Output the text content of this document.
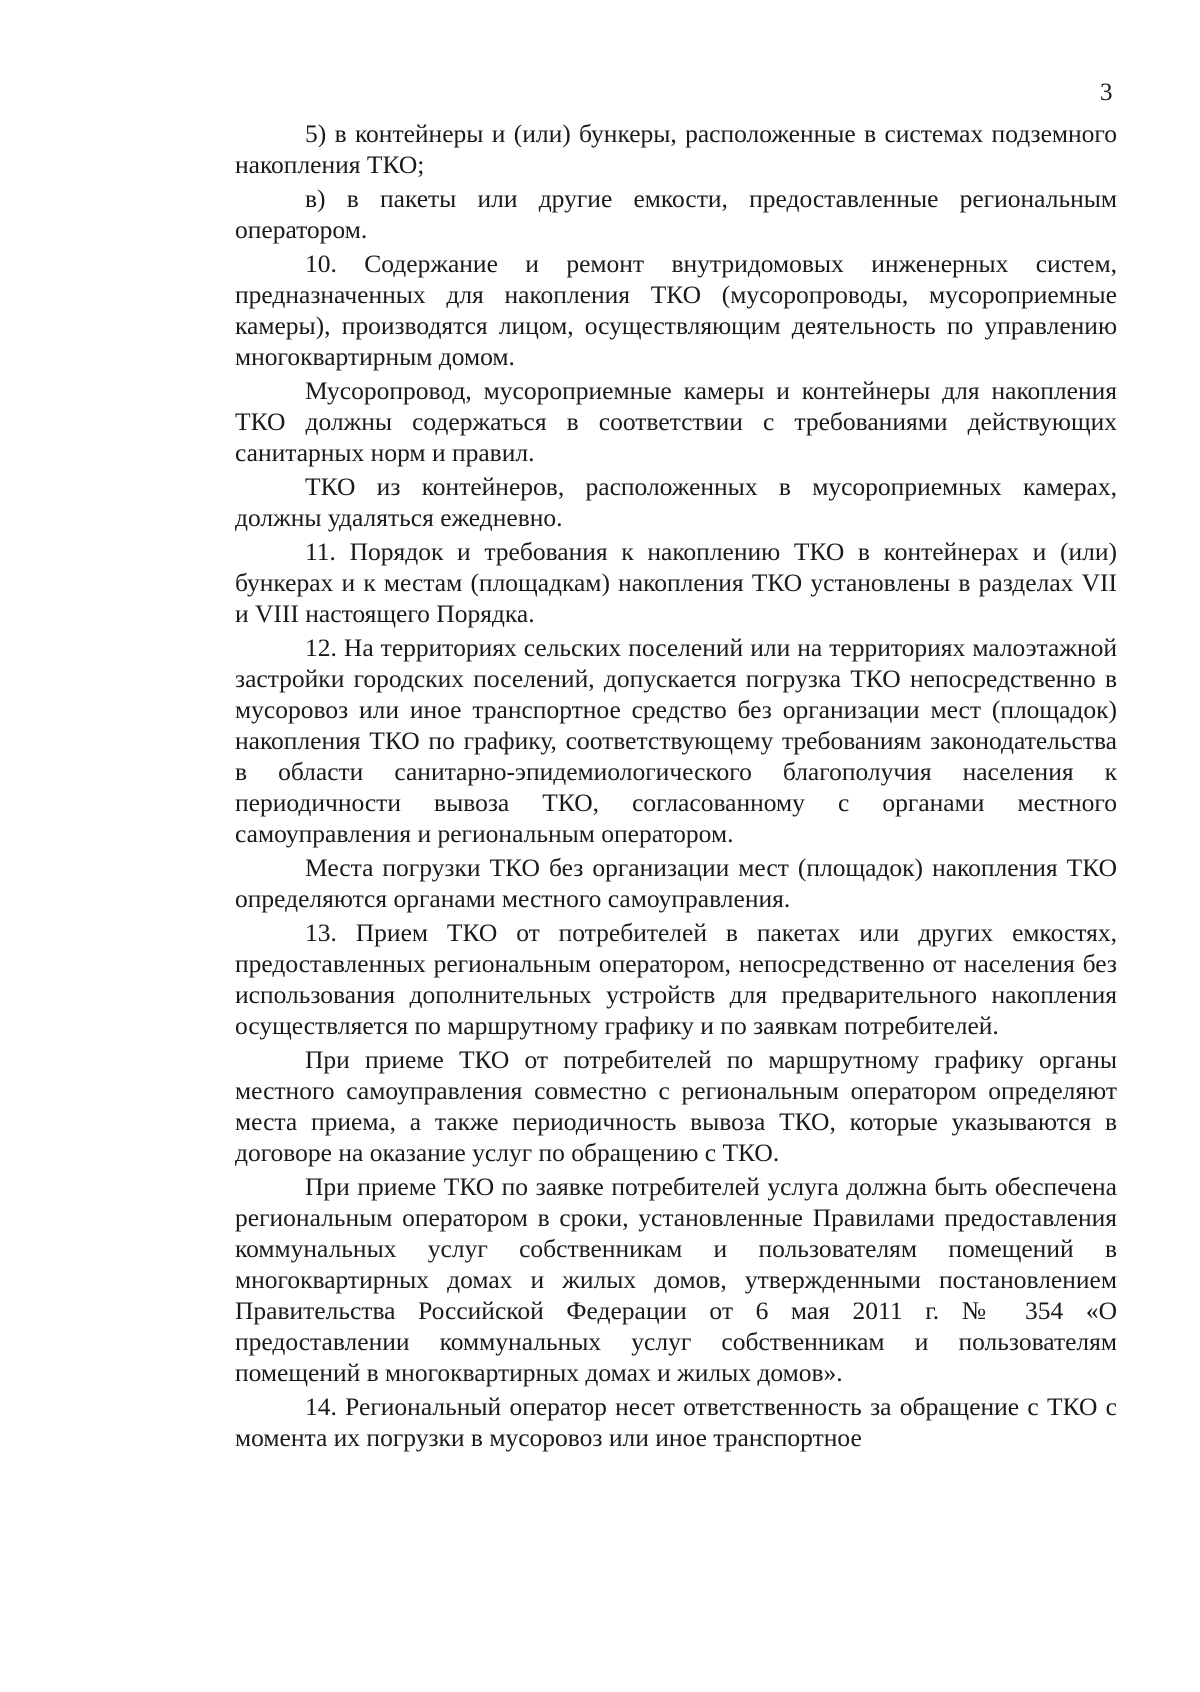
3

5) в контейнеры и (или) бункеры, расположенные в системах подземного накопления ТКО;

в) в пакеты или другие емкости, предоставленные региональным оператором.

10. Содержание и ремонт внутридомовых инженерных систем, предназначенных для накопления ТКО (мусоропроводы, мусороприемные камеры), производятся лицом, осуществляющим деятельность по управлению многоквартирным домом.

Мусоропровод, мусороприемные камеры и контейнеры для накопления ТКО должны содержаться в соответствии с требованиями действующих санитарных норм и правил.

ТКО из контейнеров, расположенных в мусороприемных камерах, должны удаляться ежедневно.

11. Порядок и требования к накоплению ТКО в контейнерах и (или) бункерах и к местам (площадкам) накопления ТКО установлены в разделах VII и VIII настоящего Порядка.

12. На территориях сельских поселений или на территориях малоэтажной застройки городских поселений, допускается погрузка ТКО непосредственно в мусоровоз или иное транспортное средство без организации мест (площадок) накопления ТКО по графику, соответствующему требованиям законодательства в области санитарно-эпидемиологического благополучия населения к периодичности вывоза ТКО, согласованному с органами местного самоуправления и региональным оператором.

Места погрузки ТКО без организации мест (площадок) накопления ТКО определяются органами местного самоуправления.

13. Прием ТКО от потребителей в пакетах или других емкостях, предоставленных региональным оператором, непосредственно от населения без использования дополнительных устройств для предварительного накопления осуществляется по маршрутному графику и по заявкам потребителей.

При приеме ТКО от потребителей по маршрутному графику органы местного самоуправления совместно с региональным оператором определяют места приема, а также периодичность вывоза ТКО, которые указываются в договоре на оказание услуг по обращению с ТКО.

При приеме ТКО по заявке потребителей услуга должна быть обеспечена региональным оператором в сроки, установленные Правилами предоставления коммунальных услуг собственникам и пользователям помещений в многоквартирных домах и жилых домов, утвержденными постановлением Правительства Российской Федерации от 6 мая 2011 г. № 354 «О предоставлении коммунальных услуг собственникам и пользователям помещений в многоквартирных домах и жилых домов».

14. Региональный оператор несет ответственность за обращение с ТКО с момента их погрузки в мусоровоз или иное транспортное
